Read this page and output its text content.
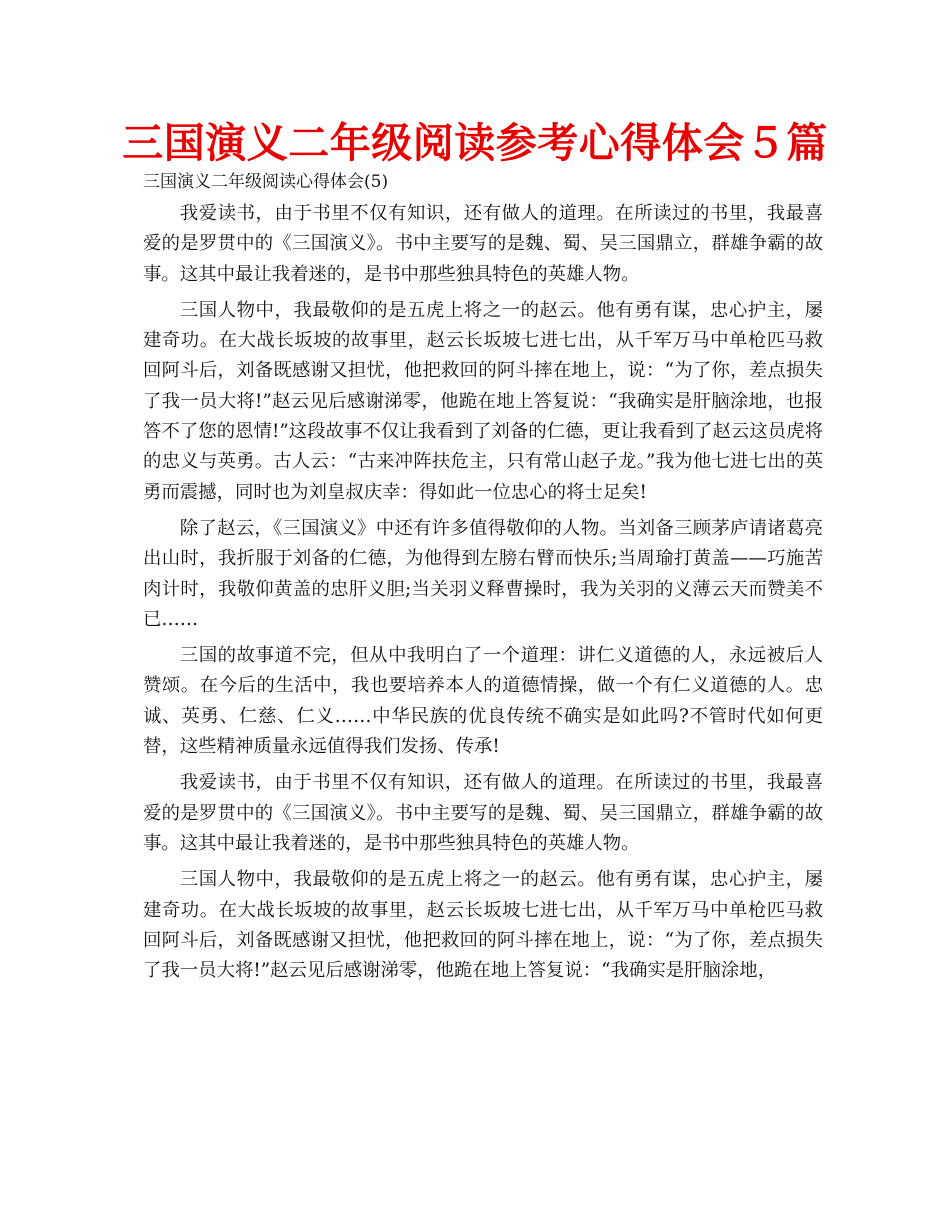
三国演义二年级阅读参考心得体会５篇
三国演义二年级阅读心得体会(5)

我爱读书，由于书里不仅有知识，还有做人的道理。在所读过的书里，我最喜爱的是罗贯中的《三国演义》。书中主要写的是魏、蜀、吴三国鼎立，群雄争霸的故事。这其中最让我着迷的，是书中那些独具特色的英雄人物。

三国人物中，我最敬仰的是五虎上将之一的赵云。他有勇有谋，忠心护主，屡建奇功。在大战长坂坡的故事里，赵云长坂坡七进七出，从千军万马中单枪匹马救回阿斗后，刘备既感谢又担忧，他把救回的阿斗摔在地上，说：“为了你，差点损失了我一员大将!”赵云见后感谢涕零，他跪在地上答复说：“我确实是肝脑涂地，也报答不了您的恩情!”这段故事不仅让我看到了刘备的仁德，更让我看到了赵云这员虎将的忠义与英勇。古人云：“古来冲阵扶危主，只有常山赵子龙。”我为他七进七出的英勇而震撼，同时也为刘皇叔庆幸：得如此一位忠心的将士足矣!

除了赵云，《三国演义》中还有许多值得敬仰的人物。当刘备三顾茅庐请诸葛亮出山时，我折服于刘备的仁德，为他得到左膀右臂而快乐;当周瑜打黄盖——巧施苦肉计时，我敬仰黄盖的忠肝义胆;当关羽义释曹操时，我为关羽的义薄云天而赞美不已……

三国的故事道不完，但从中我明白了一个道理：讲仁义道德的人，永远被后人赞颂。在今后的生活中，我也要培养本人的道德情操，做一个有仁义道德的人。忠诚、英勇、仁慈、仁义……中华民族的优良传统不确实是如此吗?不管时代如何更替，这些精神质量永远值得我们发扬、传承!

我爱读书，由于书里不仅有知识，还有做人的道理。在所读过的书里，我最喜爱的是罗贯中的《三国演义》。书中主要写的是魏、蜀、吴三国鼎立，群雄争霸的故事。这其中最让我着迷的，是书中那些独具特色的英雄人物。

三国人物中，我最敬仰的是五虎上将之一的赵云。他有勇有谋，忠心护主，屡建奇功。在大战长坂坡的故事里，赵云长坂坡七进七出，从千军万马中单枪匹马救回阿斗后，刘备既感谢又担忧，他把救回的阿斗摔在地上，说：“为了你，差点损失了我一员大将!”赵云见后感谢涕零，他跪在地上答复说：“我确实是肝脑涂地，
